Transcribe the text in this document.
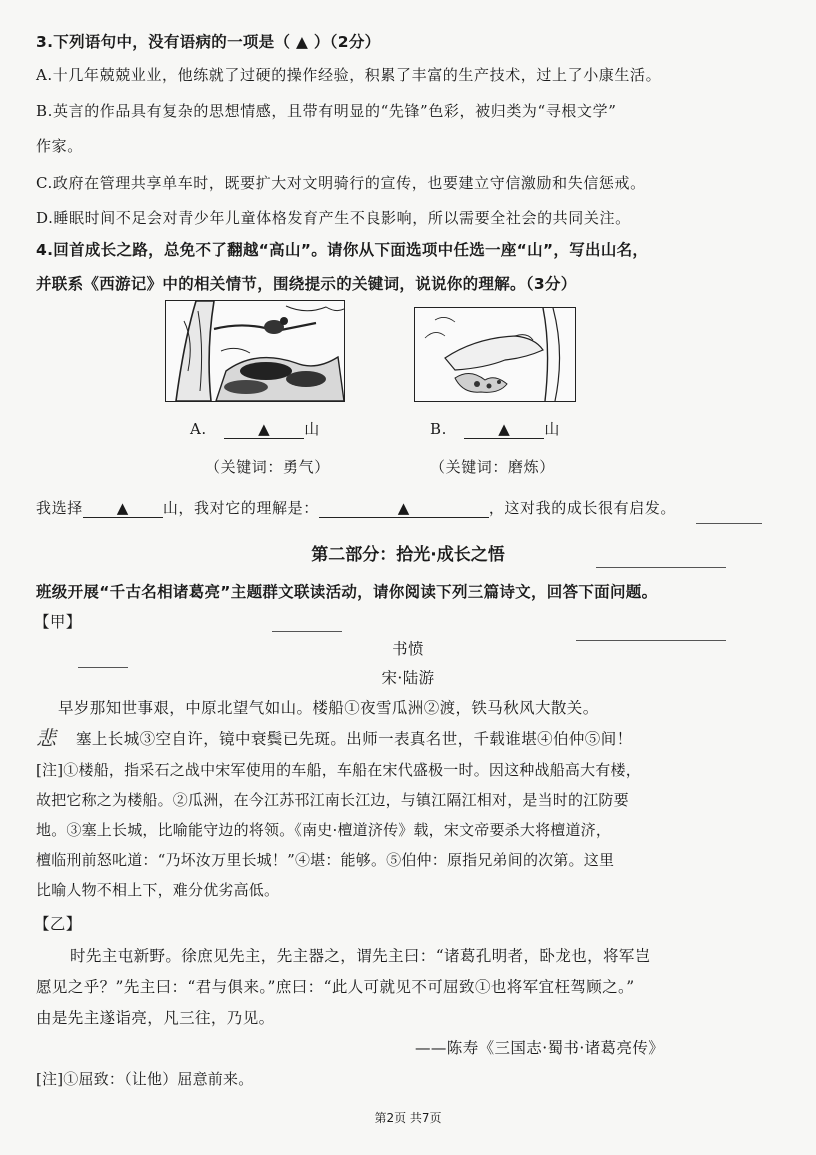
3.下列语句中，没有语病的一项是（ ▲ ）（2分）
A.十几年兢兢业业，他练就了过硬的操作经验，积累了丰富的生产技术，过上了小康生活。
B.英言的作品具有复杂的思想情感，且带有明显的“先锋”色彩，被归类为“寻根文学”
作家。
C.政府在管理共享单车时，既要扩大对文明骑行的宣传，也要建立守信激励和失信惩戒。
D.睡眠时间不足会对青少年儿童体格发育产生不良影响，所以需要全社会的共同关注。
4.回首成长之路，总免不了翻越“高山”。请你从下面选项中任选一座“山”，写出山名，
并联系《西游记》中的相关情节，围绕提示的关键词，说说你的理解。（3分）
A.	▲ 山	B.	▲ 山
（关键词：勇气）	（关键词：磨炼）
我选择 ▲ 山，我对它的理解是：	▲	，这对我的成长很有启发。
第二部分：拾光·成长之悟
班级开展“千古名相诸葛亮”主题群文联读活动，请你阅读下列三篇诗文，回答下面问题。
【甲】
书愤
宋·陆游
早岁那知世事艰，中原北望气如山。楼船①夜雪瓜洲②渡，铁马秋风大散关。
悲 塞上长城③空自许，镜中衰鬓已先斑。出师一表真名世，千载谁堪④伯仲⑤间！
[注]①楼船，指采石之战中宋军使用的车船，车船在宋代盛极一时。因这种战船高大有楼，
故把它称之为楼船。②瓜洲，在今江苏邗江南长江边，与镇江隔江相对，是当时的江防要
地。③塞上长城，比喻能守边的将领。《南史·檀道济传》载，宋文帝要杀大将檀道济，
檀临刑前怒叱道：“乃坏汝万里长城！”④堪：能够。⑤伯仲：原指兄弟间的次第。这里
比喻人物不相上下，难分优劣高低。
【乙】
时先主屯新野。徐庶见先主，先主器之，谓先主曰：“诸葛孔明者，卧龙也，将军岂
愿见之乎？”先主曰：“君与俱来。”庶曰：“此人可就见不可屈致①也将军宜枉驾顾之。”
由是先主遂诣亮，凡三往，乃见。
——陈寿《三国志·蜀书·诸葛亮传》
[注]①屈致：（让他）屈意前来。
第2页 共7页
